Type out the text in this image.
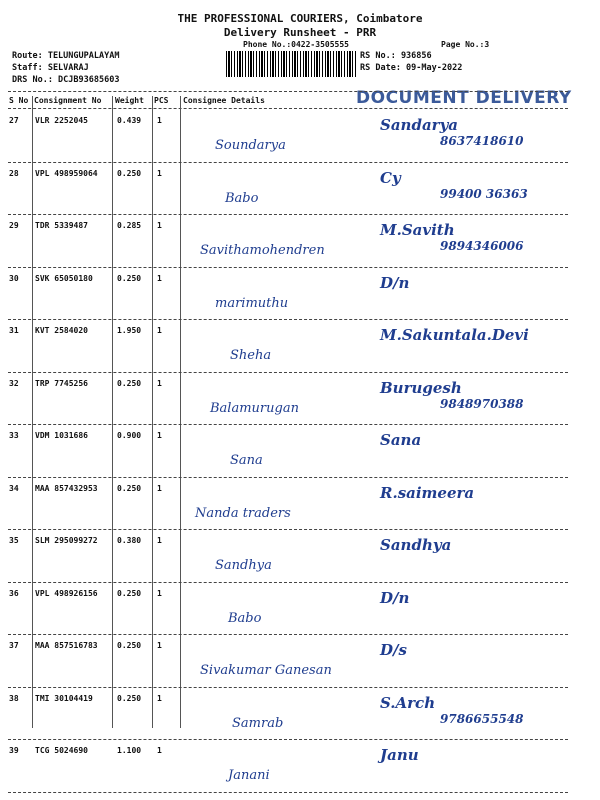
THE PROFESSIONAL COURIERS, Coimbatore
Delivery Runsheet - PRR
Phone No.:0422-3505555	Page No.:3
Route: TELUNGUPALAYAM
Staff: SELVARAJ
DRS No.: DCJB93685603
RS No.: 936856
RS Date: 09-May-2022
DOCUMENT DELIVERY
S No Consignment No Weight PCS Consignee Details
27 VLR 2252045	0.439 1
Soundarya
Sandarya
8637418610
28 VPL 498959064 0.250 1
Babo
Cy
99400 36363
29 TDR 5339487	0.285 1
Savithamohendren
M.Savith
9894346006
30 SVK 65050180	0.250 1
marimuthu
D/n
31 KVT 2584020	1.950 1
Sheha
M.Sakuntala.Devi
32 TRP 7745256	0.250 1
Balamurugan
Burugesh
9848970388
33 VDM 1031686	0.900 1
Sana
Sana
34 MAA 857432953 0.250 1
Nanda traders
R.saimeera
35 SLM 295099272 0.380 1
Sandhya
Sandhya
36 VPL 498926156 0.250 1
Babo
D/n
37 MAA 857516783 0.250 1
Sivakumar Ganesan
D/s
38 TMI 30104419	0.250 1
Samrab
S.Arch
9786655548
39 TCG 5024690	1.100 1
Janani
Janu
